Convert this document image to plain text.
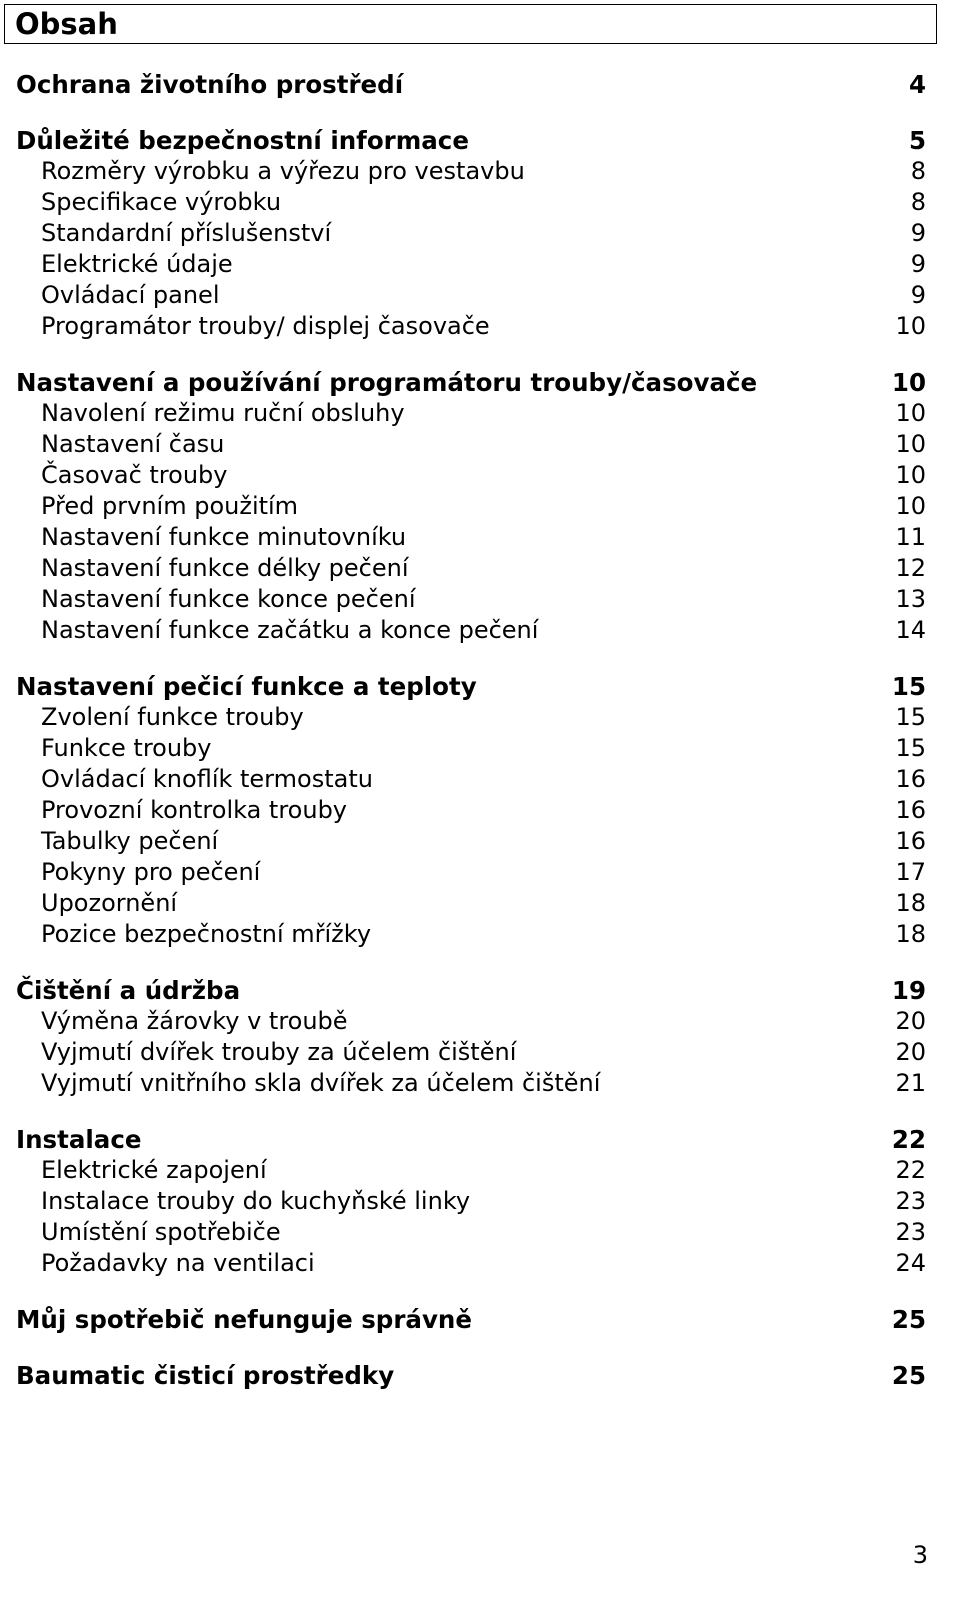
Obsah
Ochrana životního prostředí	4
Důležité bezpečnostní informace	5
Rozměry výrobku a výřezu pro vestavbu	8
Specifikace výrobku	8
Standardní příslušenství	9
Elektrické údaje	9
Ovládací panel	9
Programátor trouby/ displej časovače	10
Nastavení a používání programátoru trouby/časovače	10
Navolení režimu ruční obsluhy	10
Nastavení času	10
Časovač trouby	10
Před prvním použitím	10
Nastavení funkce minutovníku	11
Nastavení funkce délky pečení	12
Nastavení funkce konce pečení	13
Nastavení funkce začátku a konce pečení	14
Nastavení pečicí funkce a teploty	15
Zvolení funkce trouby	15
Funkce trouby	15
Ovládací knoflík termostatu	16
Provozní kontrolka trouby	16
Tabulky pečení	16
Pokyny pro pečení	17
Upozornění	18
Pozice bezpečnostní mřížky	18
Čištění a údržba	19
Výměna žárovky v troubě	20
Vyjmutí dvířek trouby za účelem čištění	20
Vyjmutí vnitřního skla dvířek za účelem čištění	21
Instalace	22
Elektrické zapojení	22
Instalace trouby do kuchyňské linky	23
Umístění spotřebiče	23
Požadavky na ventilaci	24
Můj spotřebič nefunguje správně	25
Baumatic čisticí prostředky	25
3
